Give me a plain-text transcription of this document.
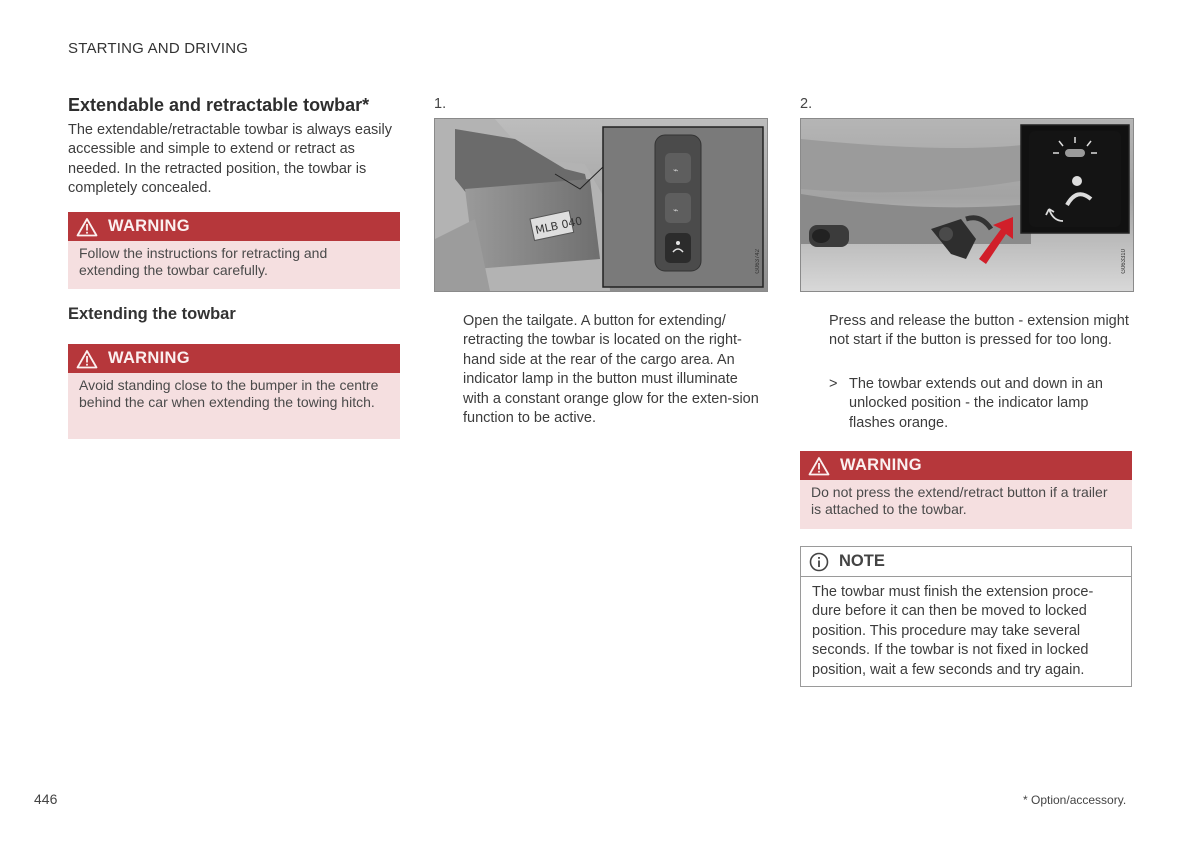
STARTING AND DRIVING
Extendable and retractable towbar*
The extendable/retractable towbar is always easily accessible and simple to extend or retract as needed. In the retracted position, the towbar is completely concealed.
WARNING
Follow the instructions for retracting and extending the towbar carefully.
Extending the towbar
WARNING
Avoid standing close to the bumper in the centre behind the car when extending the towing hitch.
1.
MLB 040
⌁
⌁
G063742
Open the tailgate. A button for extending/ retracting the towbar is located on the right-hand side at the rear of the cargo area. An indicator lamp in the button must illuminate with a constant orange glow for the exten-sion function to be active.
2.
G063310
Press and release the button - extension might not start if the button is pressed for too long.
> The towbar extends out and down in an unlocked position - the indicator lamp flashes orange.
WARNING
Do not press the extend/retract button if a trailer is attached to the towbar.
NOTE
The towbar must finish the extension proce-dure before it can then be moved to locked position. This procedure may take several seconds. If the towbar is not fixed in locked position, wait a few seconds and try again.
446	* Option/accessory.
